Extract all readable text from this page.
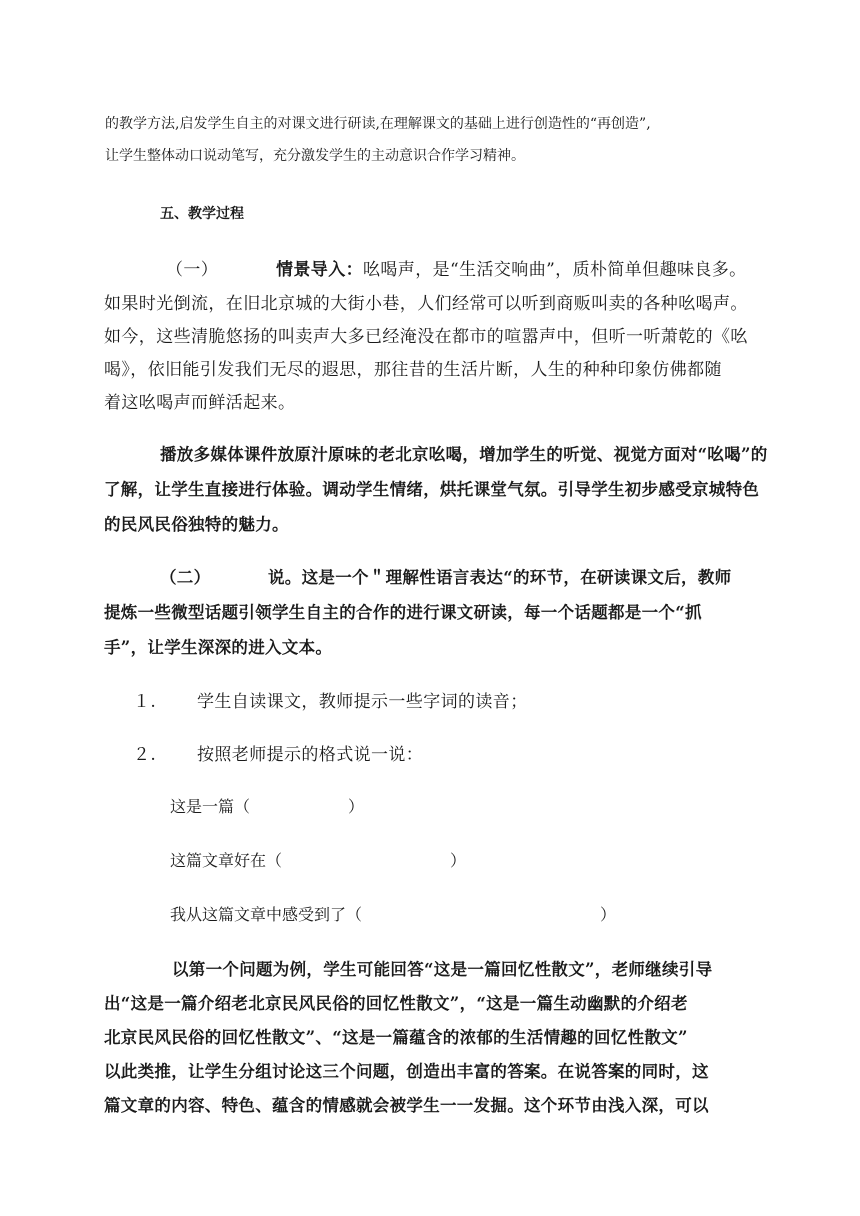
的教学方法,启发学生自主的对课文进行研读,在理解课文的基础上进行创造性的“再创造”,
让学生整体动口说动笔写，充分激发学生的主动意识合作学习精神。
五、教学过程
（一）	情景导入：吆喝声，是“生活交响曲”，质朴简单但趣味良多。
如果时光倒流，在旧北京城的大街小巷，人们经常可以听到商贩叫卖的各种吆喝声。
如今，这些清脆悠扬的叫卖声大多已经淹没在都市的喧嚣声中，但听一听萧乾的《吆
喝》，依旧能引发我们无尽的遐思，那往昔的生活片断，人生的种种印象仿佛都随
着这吆喝声而鲜活起来。
播放多媒体课件放原汁原味的老北京吆喝，增加学生的听觉、视觉方面对“吆喝”的
了解，让学生直接进行体验。调动学生情绪，烘托课堂气氛。引导学生初步感受京城特色
的民风民俗独特的魅力。
（二）	说。这是一个＂理解性语言表达“的环节，在研读课文后，教师
提炼一些微型话题引领学生自主的合作的进行课文研读，每一个话题都是一个“抓
手”，让学生深深的进入文本。
１. 学生自读课文，教师提示一些字词的读音；
２. 按照老师提示的格式说一说：
这是一篇（	）
这篇文章好在（	）
我从这篇文章中感受到了（	）
以第一个问题为例，学生可能回答“这是一篇回忆性散文”，老师继续引导
出“这是一篇介绍老北京民风民俗的回忆性散文”，“这是一篇生动幽默的介绍老
北京民风民俗的回忆性散文”、“这是一篇蕴含的浓郁的生活情趣的回忆性散文”
以此类推，让学生分组讨论这三个问题，创造出丰富的答案。在说答案的同时，这
篇文章的内容、特色、蕴含的情感就会被学生一一发掘。这个环节由浅入深，可以
